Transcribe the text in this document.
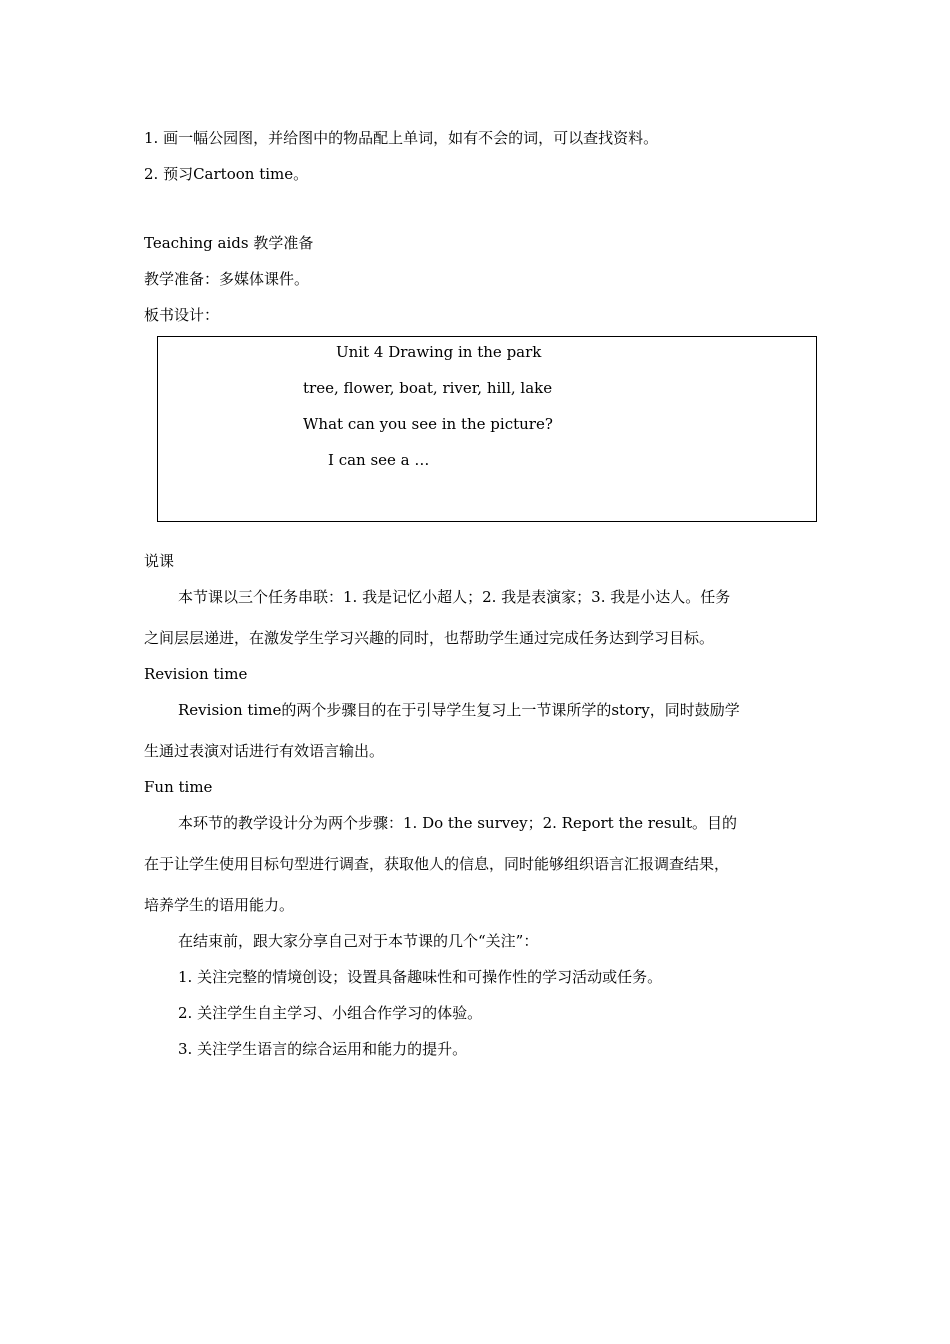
1. 画一幅公园图，并给图中的物品配上单词，如有不会的词，可以查找资料。
2. 预习Cartoon time。
Teaching aids 教学准备
教学准备：多媒体课件。
板书设计：
Unit 4 Drawing in the park
tree, flower, boat, river, hill, lake
What can you see in the picture?
I can see a …
说课
本节课以三个任务串联：1. 我是记忆小超人；2. 我是表演家；3. 我是小达人。任务
之间层层递进，在激发学生学习兴趣的同时，也帮助学生通过完成任务达到学习目标。
Revision time
Revision time的两个步骤目的在于引导学生复习上一节课所学的story，同时鼓励学
生通过表演对话进行有效语言输出。
Fun time
本环节的教学设计分为两个步骤：1. Do the survey；2. Report the result。目的
在于让学生使用目标句型进行调查，获取他人的信息，同时能够组织语言汇报调查结果，
培养学生的语用能力。
在结束前，跟大家分享自己对于本节课的几个“关注”：
1. 关注完整的情境创设；设置具备趣味性和可操作性的学习活动或任务。
2. 关注学生自主学习、小组合作学习的体验。
3. 关注学生语言的综合运用和能力的提升。
